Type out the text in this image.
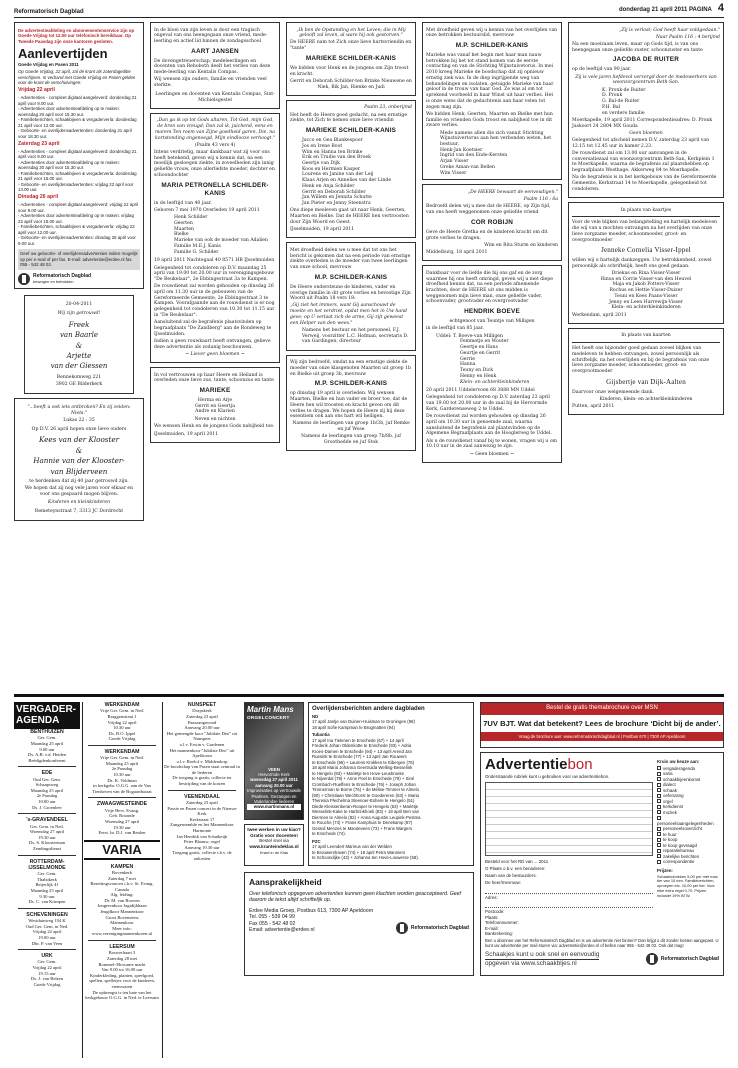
Reformatorisch Dagblad	donderdag 21 april 2011 PAGINA 4

De advertentieafdeling en abonnementenservice zijn op Goede Vrijdag tot 12.00 uur telefonisch bereikbaar. Op Tweede Paasdag zijn onze kantoren gesloten.

Aanlevertijden

Goede Vrijdag en Pasen 2011

Op Goede Vrijdag, 22 april, zal de krant als zaterdageditie verschijnen. In verband met Goede Vrijdag en Pasen gelden voor de krant de verschuivingen:

Vrijdag 22 april

- Advertenties - compleet digitaal aangeleverd: donderdag 21 april voor 9.00 uur.

- Advertenties door advertentieafdeling op te maken: woensdag 20 april voor 15.30 uur.

- Familieberichten, schaakbijeen & vergaderverla: donderdag 21 april voor 12.00 uur.

- Geboorte- en overlijdensadvertenties: donderdag 21 april voor 18.30 uur.

Zaterdag 23 april

- Advertenties - compleet digitaal aangeleverd: donderdag 21 april voor 9.00 uur.

- Advertenties door advertentieafdeling op te maken: woensdag 20 april voor 15.30 uur.

- Familieberichten, schaakbijeen & vergaderverla: donderdag 21 april voor 15.00 uur.

- Geboorte- en overlijdensadvertenties: vrijdag 22 april voor 14.00 uur.

Dinsdag 26 april

- Advertenties - compleet digitaal aangeleverd: vrijdag 22 april voor 9.00 uur.

- Advertenties door advertentieafdeling op te maken: vrijdag 22 april voor 15.00 uur.

- Familieberichten, schaakbijeen & vergaderverla: vrijdag 22 april voor 12.00 uur.

- Geboorte- en overlijdensadvertenties: dinsdag 26 april voor 9.00 uur.

Geef uw geboorte- of overlijdensadvertenties indien mogelijk op per e-mail of per fax. E-mail: advertentie@erdee.nl fax 055 - 542 48 02.

Reformatorisch Dagblad
bewogen en betrokken

20-04-2011

Wij zijn getrouwd!

Freek

van Baarle

&

Arjette

van der Giessen

Bennekomweg 221

3902 GE Bilderkerk

"...heeft u ook iets ontbroken? En zij zeiden: Niets."

Lukas 22 : 35

Op D.V. 26 april hopen onze lieve ouders

Kees van der Klooster

&

Hannie van der Klooster-

van Blijderveen

te herdenken dat zij 40 jaar getrouwd zijn.

We hopen dat zij nog vele jaren voor elkaar en voor ons gespaard mogen blijven.

Kinderen en kleinkinderen

Remeteynstraat 7, 3313 JC Dordrecht

In de bloei van zijn leven is door een tragisch ongeval van ons heengegaan onze vriend, mede-leerling en actief lid binnen de zondagsschool

AART JANSEN

De dovengetreuerschap, medeleerlingen en docenten van Rehoboth deelt het verlies van deze mede-leerling van Kentalis Compas.

Wij wensen zijn ouders, familie en vrienden veel sterkte.

Leerlingen en docenten van Kentalis Compas, Sint-Michielsgestel

„Dan ga ik op tot Gods altaren, Tot God, mijn God, de bron van vreugd; Dan zal ik, juichend, eens en marem Ten roem van Zijne goedheid garen, Die, na kortstonding ongenoegd, Mijn eindlooze verhoogt."

(Psalm 43 vers 4)

Intens verdrietig, maar dankbaar wat zij voor ons heeft betekend, geven wij u kennis dat, na een moeilijk gesloegen ziekte, in zoveelheden zijn innig geliefde vrouw, onze allerliefste moeder, dochter en schoondochter

MARIA PETRONELLA SCHILDER-KANIS

in de leeftijd van 40 jaar.

Geboren 7 mei 1970 Overleden 19 april 2011

Henk Schilder

Geerten

Maarten

Bielke

Marieke van ook de moeder van Adalien

Familie M.E.J. Kanis

Familie G. Schilder

19 april 2011 Nachtegaal 40 8571 HB IJsselmuiden

Gelegenheid tot condoleren op D.V. maandag 25 april van 19.00 tot 20.00 uur in verenigingsgebouw "De Beukelaar", 2e Ebbingestraat 3a te Kampen.

De rouwdienst zal worden gehouden op dinsdag 26 april om 11.30 uur in de gebouwen van de Gereformeerde Gemeente, 2e Ebbingestraat 3 te Kampen. Voorafgaande aan de rouwdienst is er nog gelegenheid tot condoleren van 10.30 tot 11.15 uur in "De Beukelaar".

Aansluitend zal de begrafenis plaatsvinden op begraafplaats "De Zandberg" aan de Rondeweg te IJsselmuiden.

Indien u geen rouwkaart heeft ontvangen, gelieve deze advertentie als zodanig beschouwen.

~ Liever geen bloemen ~

In vol vertrouwen op haar Heere en Heiland is overleden onze lieve zus, tante, schoonzus en tante

MARIEKE

Herma en Arje

Gerrit en Geertja

Andre en Klarien

Neven en nichten

We wensen Henk en de jongens Gods nabijheid toe.

IJsselmuiden, 19 april 2011

„Ik ben de Opstanding en het Leven; die in Mij gelooft zal leven, al ware hij ook gestorven."

De HEERE nam tot Zich onze lieve hartsvriendin en "tante"

MARIEKE SCHILDER-KANIS

We bidden voor Henk en de jongens om Zijn troost en kracht.

Gerrit en Deborah Schilder-ten Brinke Nieuwene en Niek, Bik Jan, Rienke en Judi

Psalm 23, onberijmd

Het heeft de Heere goed gedacht, na een ernstige ziekte, tot Zich te nemen onze lieve vriendin

MARIEKE SCHILDER-KANIS

Jacco en Gea Blankespoor

Jos en Irene Boot

Wim en Hanna ten Brinke

Erik en Trudie van den Broek

Geertje van Dijk

Koos en Hermien Kasper

Lourens en Janine van der Leij

Klaas Arjen en Annelies van der Linde

Henk en Anja Schilder

Gerrit en Deborah Schilder

Jan Willem en Jennita Schutte

Jan Pieter en Jenny Steenstra

Ons diepe meeleven gaat uit naar Henk, Geerten, Maarten en Bielke. Dat de HEERE hen vertroosten door Zijn Woord en Geest.

IJsselmuiden, 19 april 2011

Met droefheid delen we u mee dat tot ons het bericht is gekomen dat na een periode van ernstige ziekte overleden is de moeder van twee leerlingen van onze school, mevrouw

M.P. SCHILDER-KANIS

De Heere ondersteune de kinderen, vader en overige familie in dit grote verlies en bevestige Zijn Woord uit Psalm 18 vers 18:

„Gij ziet het immers, want Gij aanschouwt de moeite en het verdriet, opdat men het in Uw hand geve; op U verlaat zich de arme, Gij zijt geweest een Helper van den wees."

Namens het bestuur en het personeel, F.J. Verweij, voorzitter L.C. Hofman, secretaris D. van Gardingen, directeur

Wij zijn bedroefd, omdat na een ernstige ziekte de moeder van onze klasgenoten Maarten uit groep 1b en Bielke uit groep 3b, mevrouw

M.P. SCHILDER-KANIS

op dinsdag 19 april is overleden. Wij wensen Maarten, Bielke en hun vader en broer toe, dat de Heere hen wil troosten en kracht geven om dit verlies te dragen. We hopen de Heere zij hij deze essentiem ook aan ons hart wil heiligen.

Namens de leerlingen van groep 1b/3b, juf Remke en juf Wose

Namens de leerlingen van groep 7b/8b, juf Groothedde en juf Stok

Met droefheid geven wij u kennis van het overlijden van onze betrokken bestuurslid, mevrouw

M.P. SCHILDER-KANIS

Marieke was vanaf het begin met haar man nauw betrokken bij het tot stand komen van de eerste contacting en van de Stichting Wijnstuivetorus. In mei 2010 kreeg Marieke de boodschap dat zij opnieuw ernstig ziek was. In de diep ingrijpende weg van behandelingen en isolaten, getuigde Marieke van haar geloof in de trouw van haar God. Ze was al om tot sprekend voorbeeld in haar Winst uit haar verlies. Het is onze wens dat de gedachtenis aan haar velen tot zegen mag zijn.

We bidden Henk, Geerten, Maarten en Bielke met hun familie en vrienden Gods troost en nabijheid toe in dit zware verlies.

Mede namens allen die zich vanuit Stichting Wijnstuivertorus aan hen verbonden weten, het bestuur,

Henk-Jan Koetsier

Ingrid van den Ende-Kersten

Arjan Visser

Greke Aman-van Bellen

Wim Visser

„De HEERE bewaart de eenvoudigen."

Psalm 116 : 6a

Bedroefd delen wij u mee dat de HEERE, op Zijn tijd, van ons heeft weggenomen onze geliefde vriend

COR ROBIJN

Geve de Heere Gretha en de kinderen kracht om dit grote verlies te dragen.

Wim en Rita Sturm en kinderen

Middelburg, 18 april 2011

Dankbaar voor de liefde die hij ons gaf en de zorg waarmee hij ons heeft omringd, geven wij u met diepe droefheid kennis dat, na een periode afnemende krachten, door de HEERE uit ons midden is weggenomen mijn lieve man, onze geliefde vader, schoonvader, grootvader en overgrootvader

HENDRIK BOEVE

echtgenoot van Teuntje van Milligen

in de leeftijd van 85 jaar.

Uddel: T. Boeve-van Milligen

Femmetje en Wouter

Geertje en Hans

Geurtje en Gerrit

Gerrie

Hanna

Teuny en Dick

Henny en Henk

Klein- en achterkleinkinderen

20 april 2011 Uddelervoen 68 3888 MN Uddel

Gelegenheid tot condoleren op D.V. zaterdag 23 april van 19.00 tot 20.00 uur in de zaal bij de Hervormde Kerk, Garderenseweg 2 te Uddel.

De rouwdienst zal worden gehouden op dinsdag 26 april om 10.30 uur in genoemde zaal, waarna aansluitend de begrafenis zal plaatsvinden op de Algemene Begraafplaats aan de Hoogleroeg te Uddel.

Als u de rouwdienst vanaf bij te wonen, vragen wij u om 10.10 uur in de zaal aanwezig te zijn.

~ Geen bloemen ~

„Zij is verlost; God heeft haar voldgedaan."

Naar Psalm 116 : 4 berijmd

Na een moeizaam leven, maar op Gods tijd, is van ons heengegaan onze geliefde zuster, schoonzuster en tante

JACOBA DE RUITER

op de leeftijd van 90 jaar.

Zij is vele jaren liefdevol verzorgd door de medewerkers van woonzorgcentrum Beth-San.

K. Pronk-de Ruiter

D. Pronk

G. Bal-de Ruiter

P.H. Bal

en verdere familie

Moerkapelle, 19 april 2011 Correspondentieadres: D. Pronk Jaskoort 24 2804 MX Gouda

Geen bloemen

Gelegenheid tot afscheid nemen D.V. zaterdag 23 april van 12.15 tot 12.45 uur in kamer 2.23.

De rouwdienst zal om 13.00 uur aanvangen in de conversatiezaal van woonzorgcentrum Beth-San, Kerkplein 1 te Moerkapelle, waarna de begrafenis zal plaatshebben op begraafplaats Westhage, Akkerweg 84 te Moerkapelle.

Na de begrafenis is in het kerkgebouw van de Gereformeerde Gemeente, Kerkstraat 14 te Moerkapelle, gelegenheid tot condoleren.

In plaats van kaartjes

Voor de vele blijken van belangstelling en hartelijk medeleven die wij van u mochten ontvangen na het overlijden van onze lieve zorgzame moeder, schoonmoeder, groot- en overgrootmoeder

Jenneke Cornelia Visser-Ippel

willen wij u hartelijk dankzeggen. Uw betrokkenheid, zowel persoonlijk als schriftelijk, heeft ons goed gedaan.

Driekus en Rina Visser-Visser

Rinus en Corrie Visser-van den Heuvel

Maja en Jakob Potters-Visser

Rochus en Hettie Visser-Duizer

Teuni en Kees Paans-Visser

Jenny en Leen Harrewijn-Visser

Klein- en achterkleinkinderen

Werkendam, april 2011

In plaats van kaarten

Het heeft ons bijzonder goed gedaan zoveel blijken van medeleven te hebben ontvangen, zowel persoonlijk als schriftelijk, na het overlijden en bij de begrafenis van onze lieve zorgzame moeder, schoonmoeder, groot- en overgrootmoeder

Gijsbertje van Dijk-Aalten

Daarvoor onze welgemeende dank.

Kinderen, klein- en achterkleinkinderen

Putten, april 2011

VERGADER-
AGENDA
BENTHUIZEN
Ger. Gem.
Maandag 25 april
9.00 uur
Ds. A.B. v.d. Heiden
Beëdigdenkonferent
EDE
Oud Ger. Gem.
Schaapsweg
Maandag 25 april
2e Paasdag
10.00 uur
Ds. J. Groenleer
's-GRAVENDEEL
Ger. Gem. in Ned.
Woensdag 27 april
19.30 uur
Ds. S. Kloosterman
Zendingsdienst
ROTTERDAM-IJSSELMONDE
Ger. Gem.
Thabokerk
Beijerlijk 41
Maandag 25 april
9.30 uur
Ds. C. van Krimpen
SCHEVENINGEN
Westduinweg 194 K
Oud Ger. Gem. in Ned.
Vrijdag 22 april
19.00 uur
Dhr. P. van Veen
URK
Ger. Gem.
Vrijdag 22 april
19.15 uur
Ds. J. van Belzen
Goede Vrijdag
WERKENDAM
Vrije Ger. Gem. in Ned.
Braggenstraat 1
Vrijdag 22 april
10.30 uur
Ds. B.O. Ippel
Goede Vrijdag
WERKENDAM
Vrije Ger. Gem. in Ned.
Maandag 25 april
2e Paasdag
10.30 uur
Ds. K. Veldman
in kerkgebr. O.G.G. aan de Van Tienhoven van de Bogaardstraat
ZWAAGWESTEINDE
Vrije Herv. Evang.
Geb. Rotonde
Woensdag 27 april
19.30 uur
Eerw. hr. D.J. van Reulen
VARIA
KAMPEN
Bovenkerk
Zaterdag 7 mei
Bezettingsconcert t.b.v. St. Evang. Canada
Alg. leiding:
Dr. M. van Rooven
Jongerenkoor Jagtdijkhaan
Jeugdkoor Mannenkoor
Groot Bovenstens
Mannenkoor
Meer info:
www.verenigingmannenkoren.nl
LEERSUM
Boswerhaart 3
Zaterdag 28 mei
Rommel-/Brocante markt
Van 9.00 tot 16.00 uur
Kinderkleding, planten, speelgoed, spellen, spelletjes voor de kinderen, etenswaren
De opbrengst is ten bate van het kerkgebouw O.G.G. in Ned. te Leersum
NUNSPEET
Dorpskerk
Zaterdag 23 april
Paaszangavond
Aanvang 20.00 uur
Het gemengde koor "Jubilate Deo" uit Nunspeet
o.l.v. Erwin v. Gardenen
Het mannenkoor "Jubilate Deo" uit Apeldoorn
o.l.v. Roelof v. Middendorp
De boodschap van Pasen staat centraal in de liederen
De toegang is gratis; collecte ter bestrijding van de kosten
VEENENDAAL
Zaterdag 23 april
Passie en Pasen concert in de Nieuwe Kerk
Kerkstraat 17
Zangensemble en het Mannenkoor
Harmonie
Jan Hendrik van Schaikeijk
Peter Blaauw, orgel
Aanvang 19.30 uur
Toegang gratis, collecte t.b.v. de onkosten
Martin Mans
ORGELCONCERT

VEEN

Hervormde Kerk

woensdag 27 april 2011

aanvang 20.00 uur

Improvisaties op vertrouwde Psalmen, Gezangen en Vaderlandse liederen

www.martinmans.nl

twee werken in uw kiao?

Gratis voor docenten!

Bestel snel via

www.kranteindeklas.nl

Krant in de Klas

Overlijdensberichten andere dagbladen
ND
17 april Jantje van Duinen-Huisman te Groningen (98)
18 april Sofie Kampman te Brugmatten (94)
Tubantia
17 april Ina Tielenen te Enschede (67) + 14 april
Frederik Johan Oldenkotte te Enschede (93) + Adria
Kroes-Damen te Enschede (94) + 13 april Arend Jan
Ruesink te Enschede (77) + 13 april Jan Rouwers
te Enschede (96) + Laurens Krokken te Eibergen (76)
18 april Maria Johanna Geertruida Welling-Besselink
te Hengelo (83) + Mariëtje ten Hove-Leusbroeke
te Nijverdal (79) + Anne Poel te Enschede (79) + Siné
Crombach-Rueffens te Enschede (76) + Joseph Johan
Timmerman te Borne (76) + de Mélise-Timmer te Almelo
(90) + Christiaan Wechhorst te Goedereren (53) + Maria
Theresia Plechelma Steenoer-Eshere te Hengelo (51)
Diede Kleissenberan-Rooper te Hengelo (63) + Mariëtje
Wesselink-Kake te Harbrinkhoek (83) + 19 april Ben van
Diermen te Almelo (82) + Anna Augustin Leupink-Pestma
te Rouche (74) + Frans Kamphuis te Denekamp (87)
Gerard Menzes te Mandeveen (73) + Frans Wargers
te Enschede (74).
PZC
17 april Leendert Marinus van der Welden
te Brouwershaven (74) + 18 april Petra Wanniers
te Schoondijke (43) + Johanna ten Hove-Louwerse (58).
Aansprakelijkheid

Over telefonisch opgegeven advertenties kunnen geen klachten worden geaccepteerd. Geef daarom de tekst altijd schriftelijk op.

Erdee Media Groep, Postbus 613, 7300 AP Apeldoorn

Tel. 055 - 539 04 99

Fax 055 - 542 48 02

Email: advertentie@erdee.nl	Reformatorisch Dagblad
Bestel de gratis themabrochure over MSN
7UV BJT. Wat dat betekent? Lees de brochure ‘Dicht bij de ander’.
Vraag de brochure aan: www.reformatorischdagblad.nl | Postbus 670 | 7300 AP Apeldoorn
Advertentiebon

Onderstaande rubriek kunt u gebruiken voor uw advertentiebon.

Besteld voor het RD van ... 2011

O Plaats o.b.v. een benaderen:

Naam van de bestuurders.

De heer/mevrouw:

Adres:

Postcode:

Plaats:

Telefoonnummer:

E-mail:

Bankrekening:

Kruis uw keuze aan:

vergaderagenda
varia
schaakbijeenkomst
dialect
schaak
oefenzang
orgel
kerkdienst
muziek
personeelsaangelegenheden
personeelsoverzicht
te huur
te koop
te koop gevraagd
reparatiebureau
zakelijke berichten
correspondentie

Prijzen:

Schaakrubrieken 5,00 per met max. tier van 15 mm. Familieberichten, oproepen etc. 10,00 per tier. Voor elke extra regel 0,70. Prijzen inclusief 19% BTW.

Ben u abonnee van het Reformatorisch Dagblad en is uw advertentie niet binnen? Dan krijgt u dit zonder kosten aangepast. U kunt uw advertentie per mail sturen via: advertentie@erdee.nl of bellen naar 055 - 542 48 02. Ook dat mag!

Schaakjes kunt u ook snel en eenvoudig

opgeven via www.schaakbljes.nl

Reformatorisch Dagblad
